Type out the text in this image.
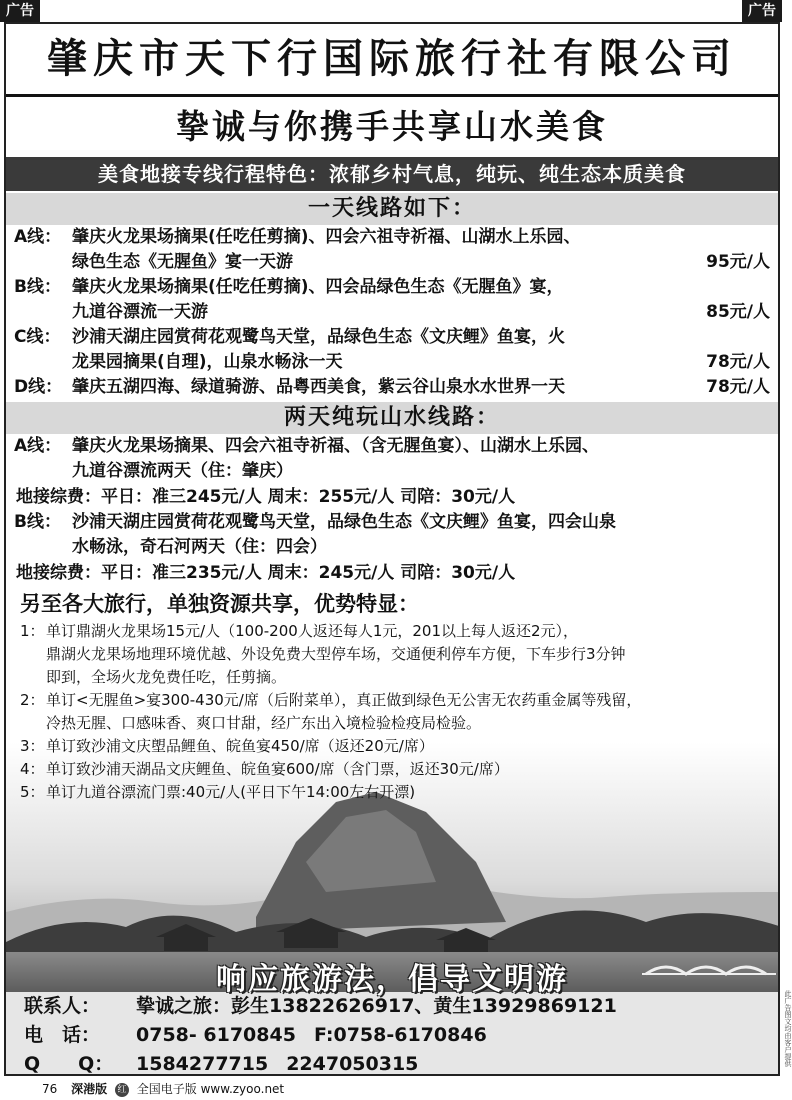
广告	广告
肇庆市天下行国际旅行社有限公司
挚诚与你携手共享山水美食
美食地接专线行程特色：浓郁乡村气息，纯玩、纯生态本质美食
一天线路如下：
A线： 肇庆火龙果场摘果(任吃任剪摘)、四会六祖寺祈福、山湖水上乐园、
绿色生态《无腥鱼》宴一天游	95元/人
B线： 肇庆火龙果场摘果(任吃任剪摘)、四会品绿色生态《无腥鱼》宴，
九道谷漂流一天游	85元/人
C线： 沙浦天湖庄园赏荷花观鹭鸟天堂，品绿色生态《文庆鲤》鱼宴，火
龙果园摘果(自理)，山泉水畅泳一天	78元/人
D线： 肇庆五湖四海、绿道骑游、品粤西美食，紫云谷山泉水水世界一天	78元/人
两天纯玩山水线路：
A线： 肇庆火龙果场摘果、四会六祖寺祈福、（含无腥鱼宴）、山湖水上乐园、
九道谷漂流两天（住：肇庆）
地接综费：平日：准三245元/人 周末：255元/人 司陪：30元/人
B线： 沙浦天湖庄园赏荷花观鹭鸟天堂，品绿色生态《文庆鲤》鱼宴，四会山泉
水畅泳，奇石河两天（住：四会）
地接综费：平日：准三235元/人 周末：245元/人 司陪：30元/人
另至各大旅行，单独资源共享，优势特显：
1： 单订鼎湖火龙果场15元/人（100-200人返还每人1元，201以上每人返还2元），
鼎湖火龙果场地理环境优越、外设免费大型停车场，交通便利停车方便，下车步行3分钟
即到，全场火龙免费任吃，任剪摘。
2： 单订<无腥鱼>宴300-430元/席（后附菜单），真正做到绿色无公害无农药重金属等残留，
冷热无腥、口感味香、爽口甘甜，经广东出入境检验检疫局检验。
3： 单订致沙浦文庆塱品鲤鱼、皖鱼宴450/席（返还20元/席）
4： 单订致沙浦天湖品文庆鲤鱼、皖鱼宴600/席（含门票，返还30元/席）
5： 单订九道谷漂流门票:40元/人(平日下午14:00左右开漂)
响应旅游法，倡导文明游
联系人： 挚诚之旅：彭生13822626917、黄生13929869121
电　话： 0758- 6170845 F:0758-6170846
Q　　Q： 1584277715 2247050315	此广告图文均由客户提供
76 深港版 红 全国电子版 www.zyoo.net
